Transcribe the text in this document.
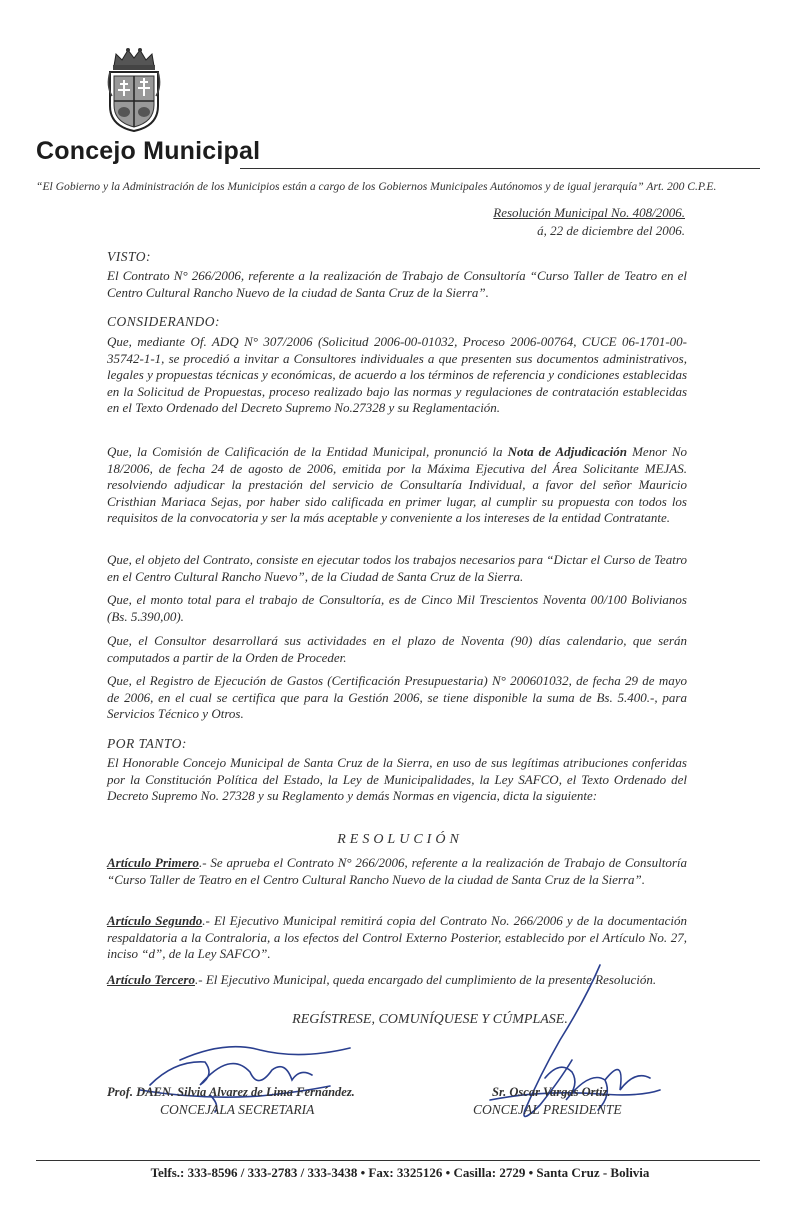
Concejo Municipal
“El Gobierno y la Administración de los Municipios están a cargo de los Gobiernos Municipales Autónomos y de igual jerarquía” Art. 200 C.P.E.
Resolución Municipal No. 408/2006.
á, 22 de diciembre del 2006.
VISTO:
El Contrato N° 266/2006, referente a la realización de Trabajo de Consultoría “Curso Taller de Teatro en el Centro Cultural Rancho Nuevo de la ciudad de Santa Cruz de la Sierra”.
CONSIDERANDO:
Que, mediante Of. ADQ N° 307/2006 (Solicitud 2006-00-01032, Proceso 2006-00764, CUCE 06-1701-00-35742-1-1, se procedió a invitar a Consultores individuales a que presenten sus documentos administrativos, legales y propuestas técnicas y económicas, de acuerdo a los términos de referencia y condiciones establecidas en la Solicitud de Propuestas, proceso realizado bajo las normas y regulaciones de contratación establecidas en el Texto Ordenado del Decreto Supremo No.27328 y su Reglamentación.
Que, la Comisión de Calificación de la Entidad Municipal, pronunció la Nota de Adjudicación Menor No 18/2006, de fecha 24 de agosto de 2006, emitida por la Máxima Ejecutiva del Área Solicitante MEJAS. resolviendo adjudicar la prestación del servicio de Consultaría Individual, a favor del señor Mauricio Cristhian Mariaca Sejas, por haber sido calificada en primer lugar, al cumplir su propuesta con todos los requisitos de la convocatoria y ser la más aceptable y conveniente a los intereses de la entidad Contratante.
Que, el objeto del Contrato, consiste en ejecutar todos los trabajos necesarios para “Dictar el Curso de Teatro en el Centro Cultural Rancho Nuevo”, de la Ciudad de Santa Cruz de la Sierra.
Que, el monto total para el trabajo de Consultoría, es de Cinco Mil Trescientos Noventa 00/100 Bolivianos (Bs. 5.390,00).
Que, el Consultor desarrollará sus actividades en el plazo de Noventa (90) días calendario, que serán computados a partir de la Orden de Proceder.
Que, el Registro de Ejecución de Gastos (Certificación Presupuestaria) N° 200601032, de fecha 29 de mayo de 2006, en el cual se certifica que para la Gestión 2006, se tiene disponible la suma de Bs. 5.400.-, para Servicios Técnico y Otros.
POR TANTO:
El Honorable Concejo Municipal de Santa Cruz de la Sierra, en uso de sus legítimas atribuciones conferidas por la Constitución Política del Estado, la Ley de Municipalidades, la Ley SAFCO, el Texto Ordenado del Decreto Supremo No. 27328 y su Reglamento y demás Normas en vigencia, dicta la siguiente:
RESOLUCIÓN
Artículo Primero.- Se aprueba el Contrato N° 266/2006, referente a la realización de Trabajo de Consultoría “Curso Taller de Teatro en el Centro Cultural Rancho Nuevo de la ciudad de Santa Cruz de la Sierra”.
Artículo Segundo.- El Ejecutivo Municipal remitirá copia del Contrato No. 266/2006 y de la documentación respaldatoria a la Contraloria, a los efectos del Control Externo Posterior, establecido por el Artículo No. 27, inciso “d”, de la Ley SAFCO”.
Artículo Tercero.- El Ejecutivo Municipal, queda encargado del cumplimiento de la presente Resolución.
REGÍSTRESE, COMUNÍQUESE Y CÚMPLASE.
Prof. DAEN. Silvia Alvarez de Lima Fernández.
CONCEJALA SECRETARIA
Sr. Oscar Vargas Ortiz.
CONCEJAL PRESIDENTE
Telfs.: 333-8596 / 333-2783 / 333-3438 • Fax: 3325126 • Casilla: 2729 • Santa Cruz - Bolivia
